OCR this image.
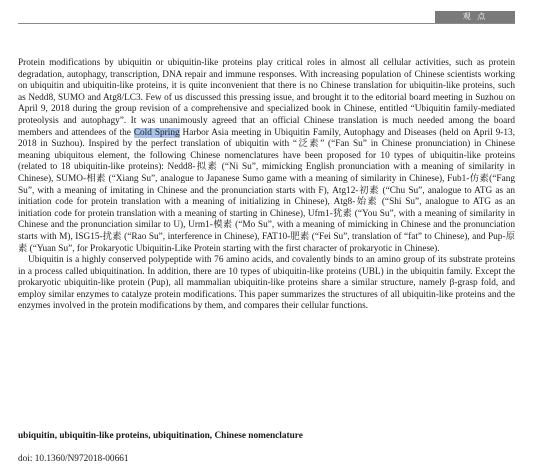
观 点

Protein modifications by ubiquitin or ubiquitin-like proteins play critical roles in almost all cellular activities, such as protein degradation, autophagy, transcription, DNA repair and immune responses. With increasing population of Chinese scientists working on ubiquitin and ubiquitin-like proteins, it is quite inconvenient that there is no Chinese translation for ubiquitin-like proteins, such as Nedd8, SUMO and Atg8/LC3. Few of us discussed this pressing issue, and brought it to the editorial board meeting in Suzhou on April 9, 2018 during the group revision of a comprehensive and specialized book in Chinese, entitled “Ubiquitin family-mediated proteolysis and autophagy”. It was unanimously agreed that an official Chinese translation is much needed among the board members and attendees of the Cold Spring Harbor Asia meeting in Ubiquitin Family, Autophagy and Diseases (held on April 9-13, 2018 in Suzhou). Inspired by the perfect translation of ubiquitin with “泛素” (“Fan Su” in Chinese pronunciation) in Chinese meaning ubiquitous element, the following Chinese nomenclatures have been proposed for 10 types of ubiquitin-like proteins (related to 18 ubiquitin-like proteins): Nedd8-拟素 (“Ni Su”, mimicking English pronunciation with a meaning of similarity in Chinese), SUMO-相素 (“Xiang Su”, analogue to Japanese Sumo game with a meaning of similarity in Chinese), Fub1-仿素(“Fang Su”, with a meaning of imitating in Chinese and the pronunciation starts with F), Atg12-初素 (“Chu Su”, analogue to ATG as an initiation code for protein translation with a meaning of initializing in Chinese), Atg8-始素 (“Shi Su”, analogue to ATG as an initiation code for protein translation with a meaning of starting in Chinese), Ufm1-犹素 (“You Su”, with a meaning of similarity in Chinese and the pronunciation similar to U), Urm1-模素 (“Mo Su”, with a meaning of mimicking in Chinese and the pronunciation starts with M), ISG15-扰素 (“Rao Su”, interference in Chinese), FAT10-肥素 (“Fei Su”, translation of “fat” to Chinese), and Pup-原素 (“Yuan Su”, for Prokaryotic Ubiquitin-Like Protein starting with the first character of prokaryotic in Chinese).

Ubiquitin is a highly conserved polypeptide with 76 amino acids, and covalently binds to an amino group of its substrate proteins in a process called ubiquitination. In addition, there are 10 types of ubiquitin-like proteins (UBL) in the ubiquitin family. Except the prokaryotic ubiquitin-like protein (Pup), all mammalian ubiquitin-like proteins share a similar structure, namely β-grasp fold, and employ similar enzymes to catalyze protein modifications. This paper summarizes the structures of all ubiquitin-like proteins and the enzymes involved in the protein modifications by them, and compares their cellular functions.

ubiquitin, ubiquitin-like proteins, ubiquitination, Chinese nomenclature
doi: 10.1360/N972018-00661
